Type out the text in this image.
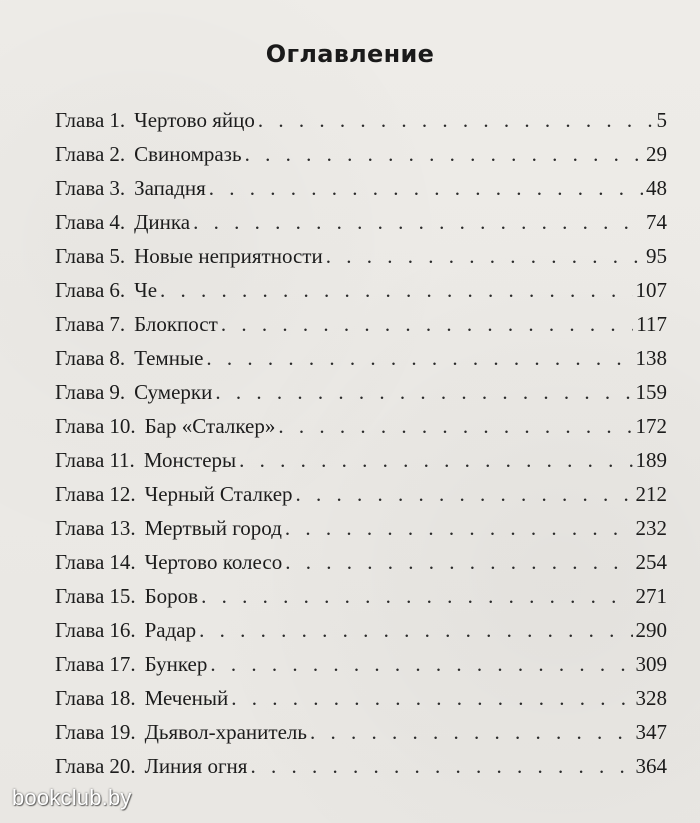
Оглавление
Глава 1. Чертово яйцо . . .	5
Глава 2. Свиномразь . . .	29
Глава 3. Западня . . .	48
Глава 4. Динка . . .	74
Глава 5. Новые неприятности . . .	95
Глава 6. Че . . .	107
Глава 7. Блокпост . . .	117
Глава 8. Темные . . .	138
Глава 9. Сумерки . . .	159
Глава 10. Бар «Сталкер» . . .	172
Глава 11. Монстеры . . .	189
Глава 12. Черный Сталкер . . .	212
Глава 13. Мертвый город . . .	232
Глава 14. Чертово колесо . . .	254
Глава 15. Боров . . .	271
Глава 16. Радар . . .	290
Глава 17. Бункер . . .	309
Глава 18. Меченый . . .	328
Глава 19. Дьявол-хранитель . . .	347
Глава 20. Линия огня . . .	364
bookclub.by
